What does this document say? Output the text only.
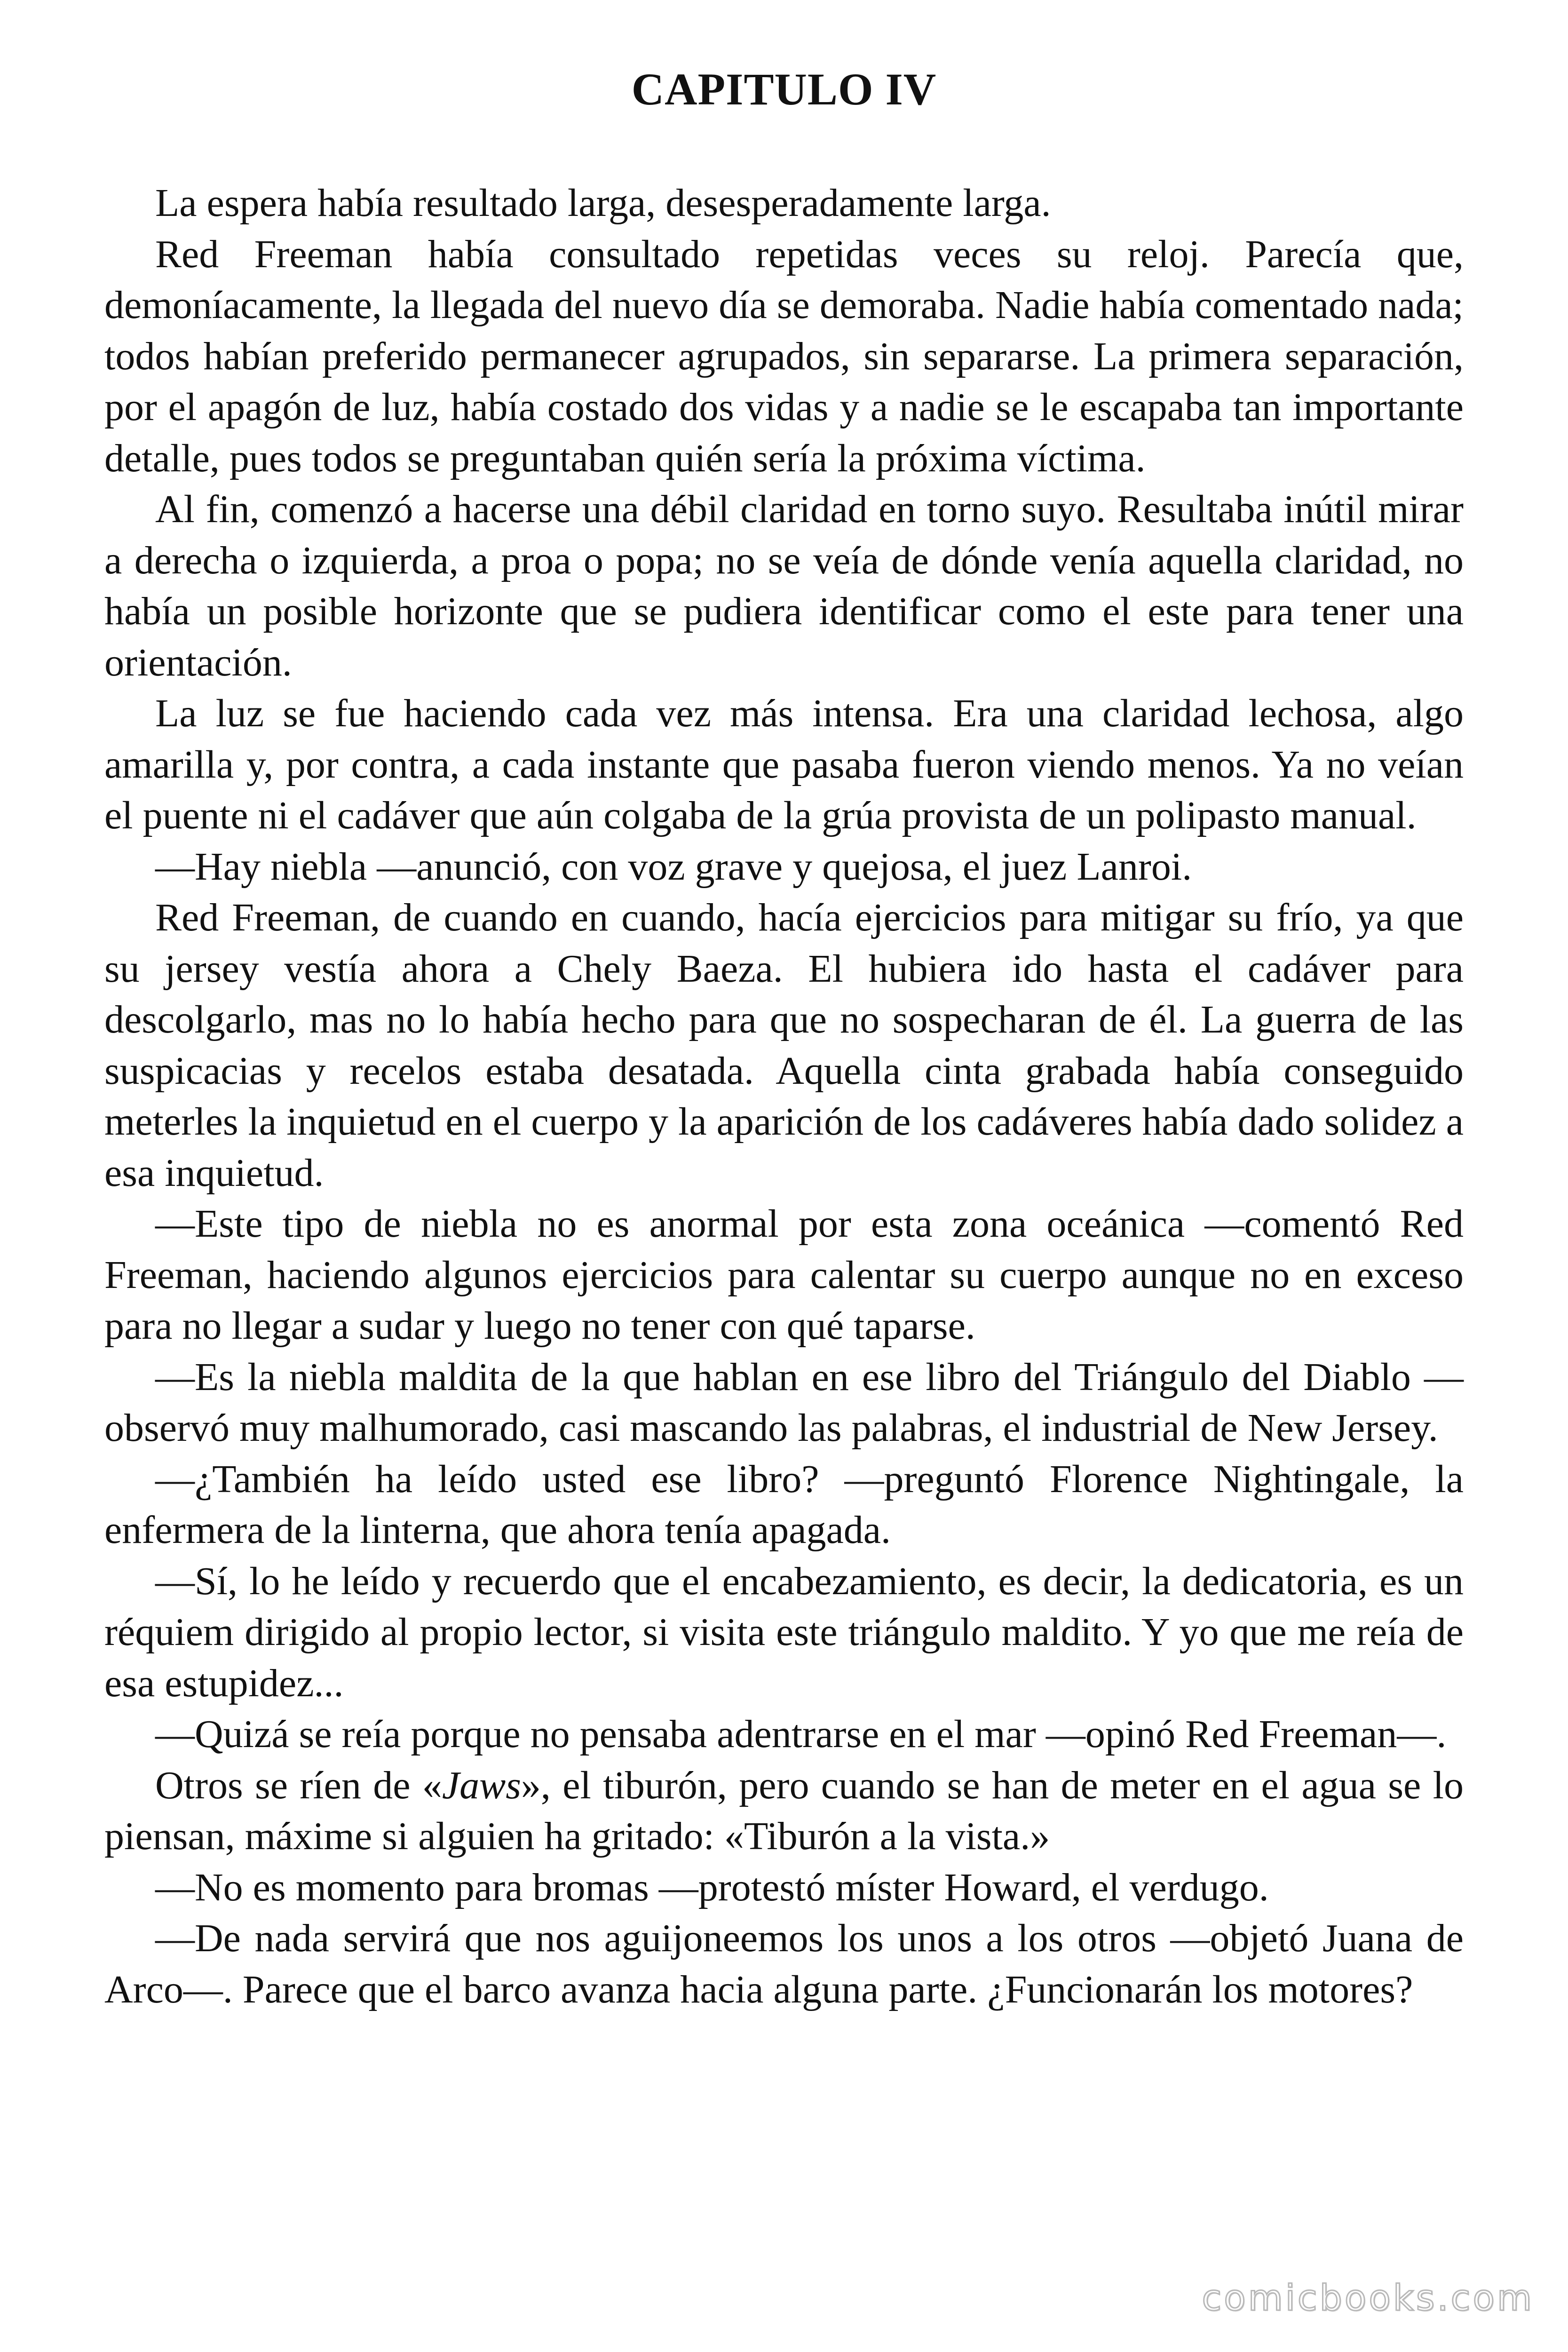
CAPITULO IV

La espera había resultado larga, desesperadamente larga.

Red Freeman había consultado repetidas veces su reloj. Parecía que, demoníacamente, la llegada del nuevo día se demoraba. Nadie había comentado nada; todos habían preferido permanecer agrupados, sin separarse. La primera separación, por el apagón de luz, había costado dos vidas y a nadie se le escapaba tan importante detalle, pues todos se preguntaban quién sería la próxima víctima.

Al fin, comenzó a hacerse una débil claridad en torno suyo. Resultaba inútil mirar a derecha o izquierda, a proa o popa; no se veía de dónde venía aquella claridad, no había un posible horizonte que se pudiera identificar como el este para tener una orientación.

La luz se fue haciendo cada vez más intensa. Era una claridad lechosa, algo amarilla y, por contra, a cada instante que pasaba fueron viendo menos. Ya no veían el puente ni el cadáver que aún colgaba de la grúa provista de un polipasto manual.

—Hay niebla —anunció, con voz grave y quejosa, el juez Lanroi.

Red Freeman, de cuando en cuando, hacía ejercicios para mitigar su frío, ya que su jersey vestía ahora a Chely Baeza. El hubiera ido hasta el cadáver para descolgarlo, mas no lo había hecho para que no sospecharan de él. La guerra de las suspicacias y recelos estaba desatada. Aquella cinta grabada había conseguido meterles la inquietud en el cuerpo y la aparición de los cadáveres había dado solidez a esa inquietud.

—Este tipo de niebla no es anormal por esta zona oceánica —comentó Red Freeman, haciendo algunos ejercicios para calentar su cuerpo aunque no en exceso para no llegar a sudar y luego no tener con qué taparse.

—Es la niebla maldita de la que hablan en ese libro del Triángulo del Diablo —observó muy malhumorado, casi mascando las palabras, el industrial de New Jersey.

—¿También ha leído usted ese libro? —preguntó Florence Nightingale, la enfermera de la linterna, que ahora tenía apagada.

—Sí, lo he leído y recuerdo que el encabezamiento, es decir, la dedicatoria, es un réquiem dirigido al propio lector, si visita este triángulo maldito. Y yo que me reía de esa estupidez...

—Quizá se reía porque no pensaba adentrarse en el mar —opinó Red Freeman—.

Otros se ríen de «Jaws», el tiburón, pero cuando se han de meter en el agua se lo piensan, máxime si alguien ha gritado: «Tiburón a la vista.»

—No es momento para bromas —protestó míster Howard, el verdugo.

—De nada servirá que nos aguijoneemos los unos a los otros —objetó Juana de Arco—. Parece que el barco avanza hacia alguna parte. ¿Funcionarán los motores?

comicbooks.com
